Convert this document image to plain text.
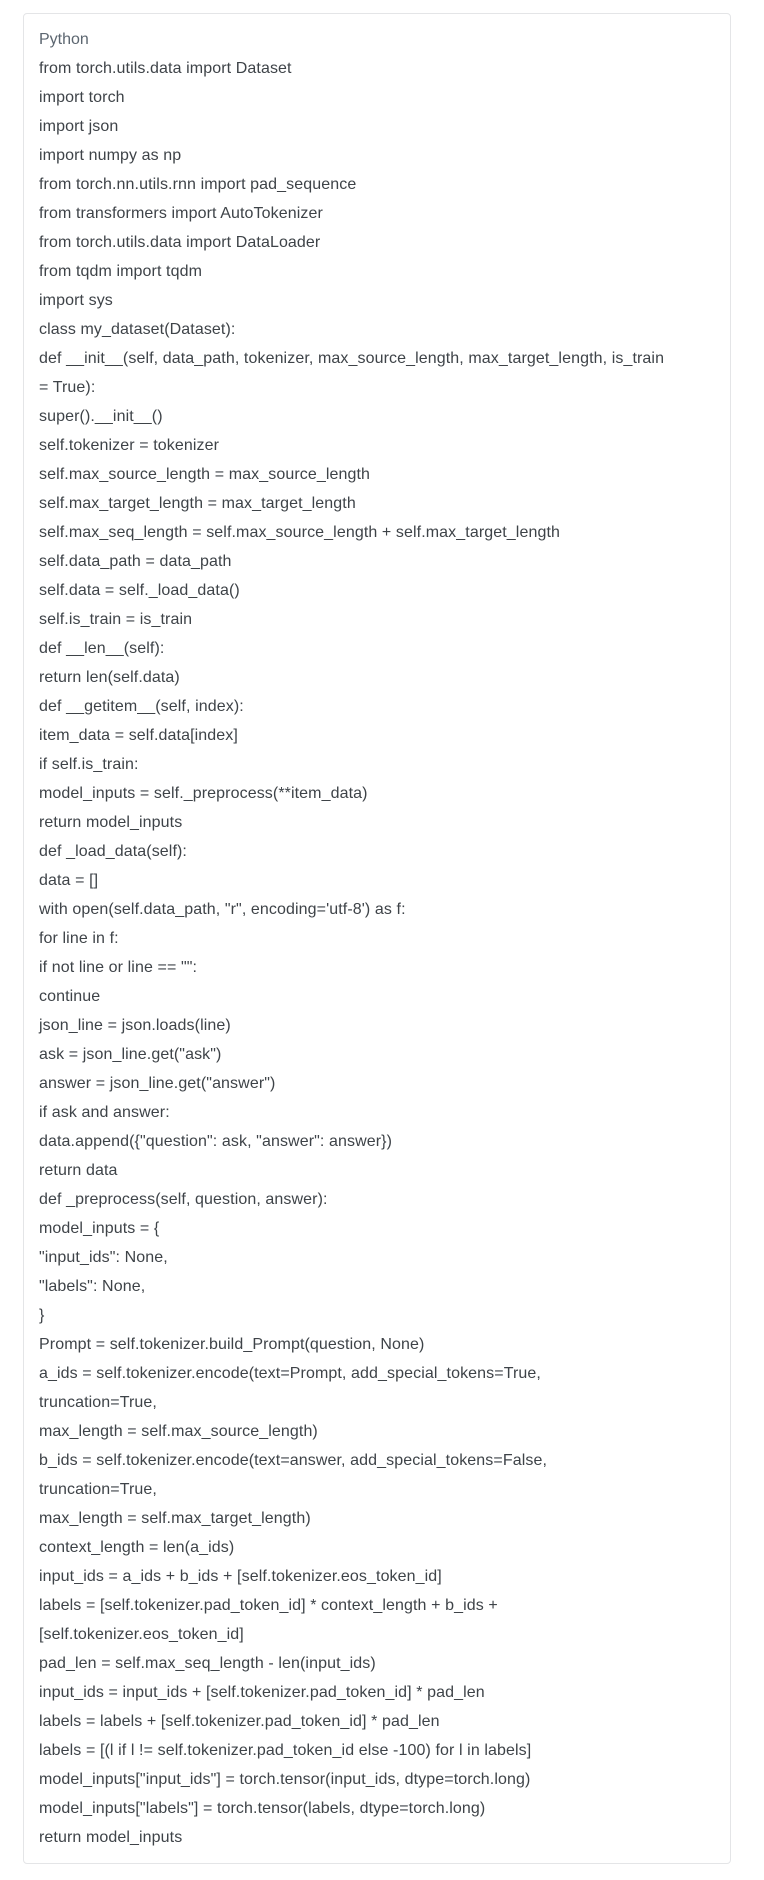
Python
from torch.utils.data import Dataset
import torch
import json
import numpy as np
from torch.nn.utils.rnn import pad_sequence
from transformers import AutoTokenizer
from torch.utils.data import DataLoader
from tqdm import tqdm
import sys
class my_dataset(Dataset):
def __init__(self, data_path, tokenizer, max_source_length, max_target_length, is_train
= True):
super().__init__()
self.tokenizer = tokenizer
self.max_source_length = max_source_length
self.max_target_length = max_target_length
self.max_seq_length = self.max_source_length + self.max_target_length
self.data_path = data_path
self.data = self._load_data()
self.is_train = is_train
def __len__(self):
return len(self.data)
def __getitem__(self, index):
item_data = self.data[index]
if self.is_train:
model_inputs = self._preprocess(**item_data)
return model_inputs
def _load_data(self):
data = []
with open(self.data_path, "r", encoding='utf-8') as f:
for line in f:
if not line or line == "":
continue
json_line = json.loads(line)
ask = json_line.get("ask")
answer = json_line.get("answer")
if ask and answer:
data.append({"question": ask, "answer": answer})
return data
def _preprocess(self, question, answer):
model_inputs = {
"input_ids": None,
"labels": None,
}
Prompt = self.tokenizer.build_Prompt(question, None)
a_ids = self.tokenizer.encode(text=Prompt, add_special_tokens=True,
truncation=True,
max_length = self.max_source_length)
b_ids = self.tokenizer.encode(text=answer, add_special_tokens=False,
truncation=True,
max_length = self.max_target_length)
context_length = len(a_ids)
input_ids = a_ids + b_ids + [self.tokenizer.eos_token_id]
labels = [self.tokenizer.pad_token_id] * context_length + b_ids +
[self.tokenizer.eos_token_id]
pad_len = self.max_seq_length - len(input_ids)
input_ids = input_ids + [self.tokenizer.pad_token_id] * pad_len
labels = labels + [self.tokenizer.pad_token_id] * pad_len
labels = [(l if l != self.tokenizer.pad_token_id else -100) for l in labels]
model_inputs["input_ids"] = torch.tensor(input_ids, dtype=torch.long)
model_inputs["labels"] = torch.tensor(labels, dtype=torch.long)
return model_inputs
